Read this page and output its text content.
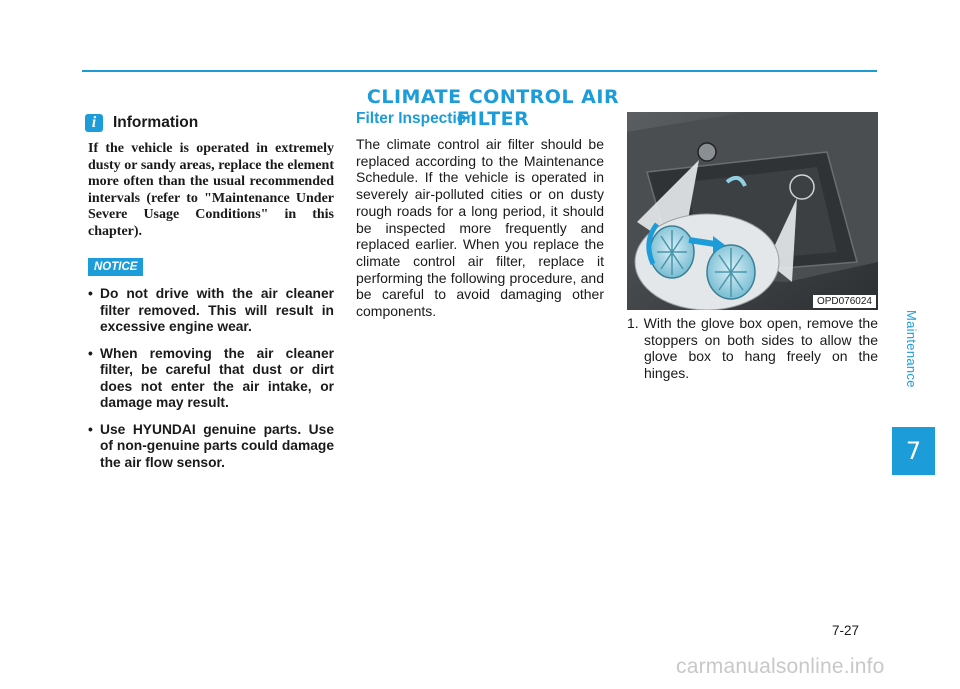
CLIMATE CONTROL AIR FILTER
i	Information

If the vehicle is operated in extremely dusty or sandy areas, replace the element more often than the usual recommended intervals (refer to "Maintenance Under Severe Usage Conditions" in this chapter).

NOTICE
• Do not drive with the air cleaner filter removed. This will result in excessive engine wear.
• When removing the air cleaner filter, be careful that dust or dirt does not enter the air intake, or damage may result.
• Use HYUNDAI genuine parts. Use of non-genuine parts could damage the air flow sensor.
Filter Inspection

The climate control air filter should be replaced according to the Maintenance Schedule. If the vehicle is operated in severely air-polluted cities or on dusty rough roads for a long period, it should be inspected more frequently and replaced earlier. When you replace the climate control air filter, replace it performing the following procedure, and be careful to avoid damaging other components.

OPD076024

1. With the glove box open, remove the stoppers on both sides to allow the glove box to hang freely on the hinges.	Maintenance
7
7-27
carmanualsonline.info
